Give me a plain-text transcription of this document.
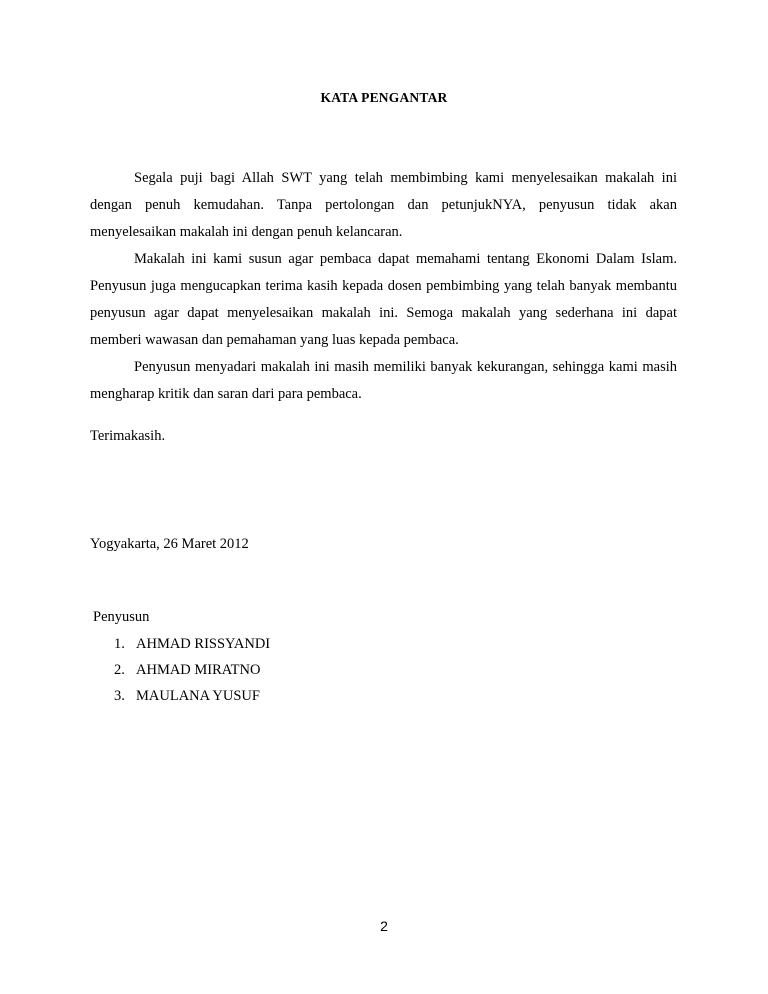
KATA PENGANTAR

Segala puji bagi Allah SWT yang telah membimbing kami menyelesaikan makalah ini dengan penuh kemudahan. Tanpa pertolongan dan petunjukNYA, penyusun tidak akan menyelesaikan makalah ini dengan penuh kelancaran.

Makalah ini kami susun agar pembaca dapat memahami tentang Ekonomi Dalam Islam. Penyusun juga mengucapkan terima kasih kepada dosen pembimbing yang telah banyak membantu penyusun agar dapat menyelesaikan makalah ini. Semoga makalah yang sederhana ini dapat memberi wawasan dan pemahaman yang luas kepada pembaca.

Penyusun menyadari makalah ini masih memiliki banyak kekurangan, sehingga kami masih mengharap kritik dan saran dari para pembaca.

Terimakasih.
Yogyakarta, 26 Maret 2012
Penyusun
1. AHMAD RISSYANDI
2. AHMAD MIRATNO
3. MAULANA YUSUF
2
